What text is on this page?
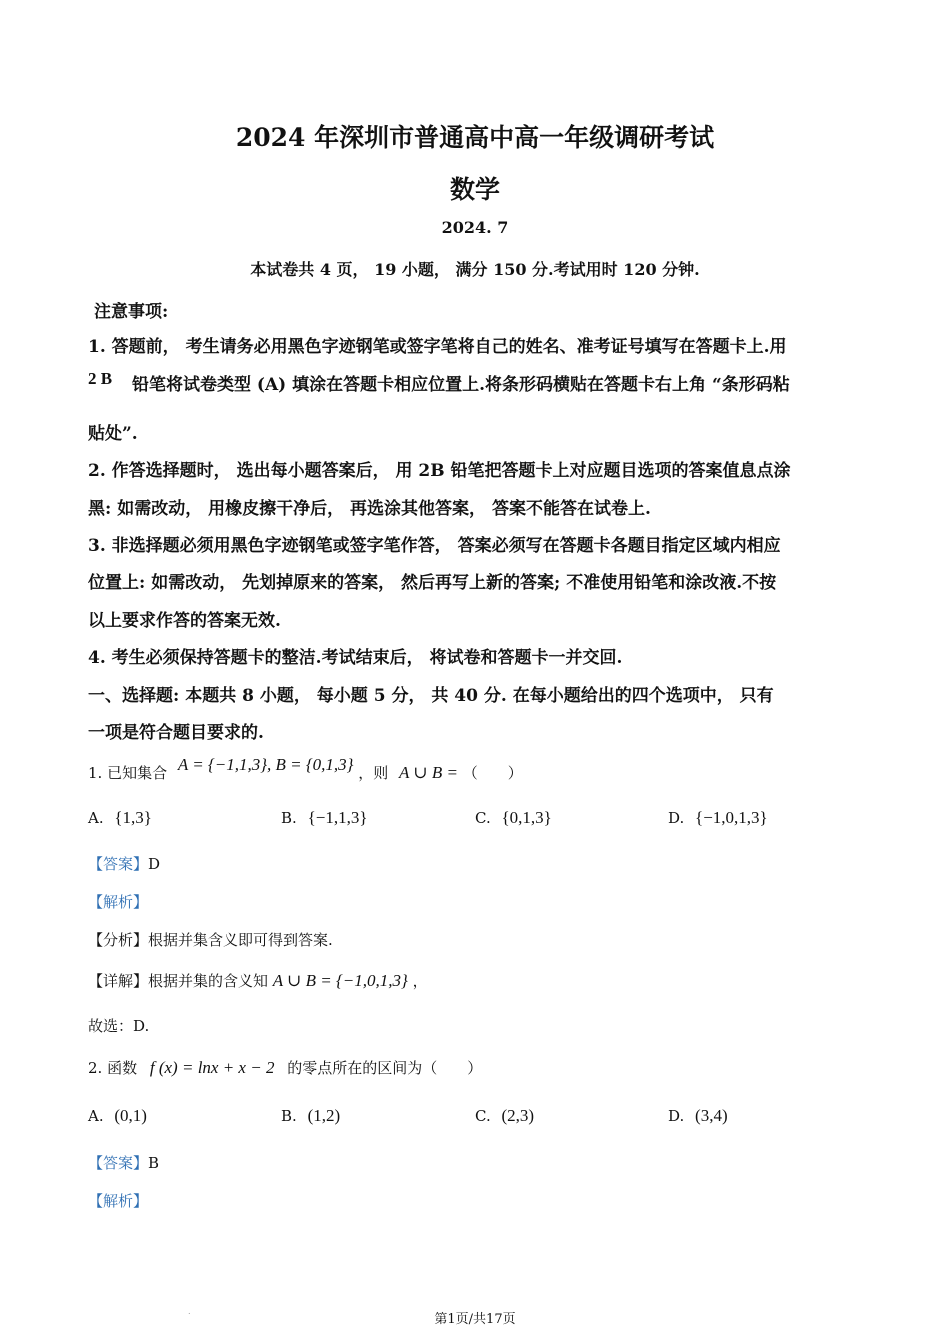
2024 年深圳市普通高中高一年级调研考试
数学
2024. 7
本试卷共 4 页， 19 小题， 满分 150 分.考试用时 120 分钟.
注意事项:
1. 答题前， 考生请务必用黑色字迹钢笔或签字笔将自己的姓名、准考证号填写在答题卡上.用
2 B 铅笔将试卷类型 (A) 填涂在答题卡相应位置上.将条形码横贴在答题卡右上角 “条形码粘
贴处”.
2. 作答选择题时， 选出每小题答案后， 用 2B 铅笔把答题卡上对应题目选项的答案值息点涂
黑: 如需改动， 用橡皮擦干净后， 再选涂其他答案， 答案不能答在试卷上.
3. 非选择题必须用黑色字迹钢笔或签字笔作答， 答案必须写在答题卡各题目指定区域内相应
位置上: 如需改动， 先划掉原来的答案， 然后再写上新的答案; 不准使用铅笔和涂改液.不按
以上要求作答的答案无效.
4. 考生必须保持答题卡的整洁.考试结束后， 将试卷和答题卡一并交回.
一、选择题: 本题共 8 小题， 每小题 5 分， 共 40 分. 在每小题给出的四个选项中， 只有
一项是符合题目要求的.
1. 已知集合 A = {−1,1,3}, B = {0,1,3} ，则 A ∪ B = （　　）
A. {1,3}	B. {−1,1,3}	C. {0,1,3}	D. {−1,0,1,3}
【答案】D
【解析】
【分析】根据并集含义即可得到答案.
【详解】根据并集的含义知 A ∪ B = {−1,0,1,3} ，
故选：D.
2. 函数 f (x) = lnx + x − 2 的零点所在的区间为（　　）
A. (0,1)	B. (1,2)	C. (2,3)	D. (3,4)
【答案】B
【解析】
.
第1页/共17页
